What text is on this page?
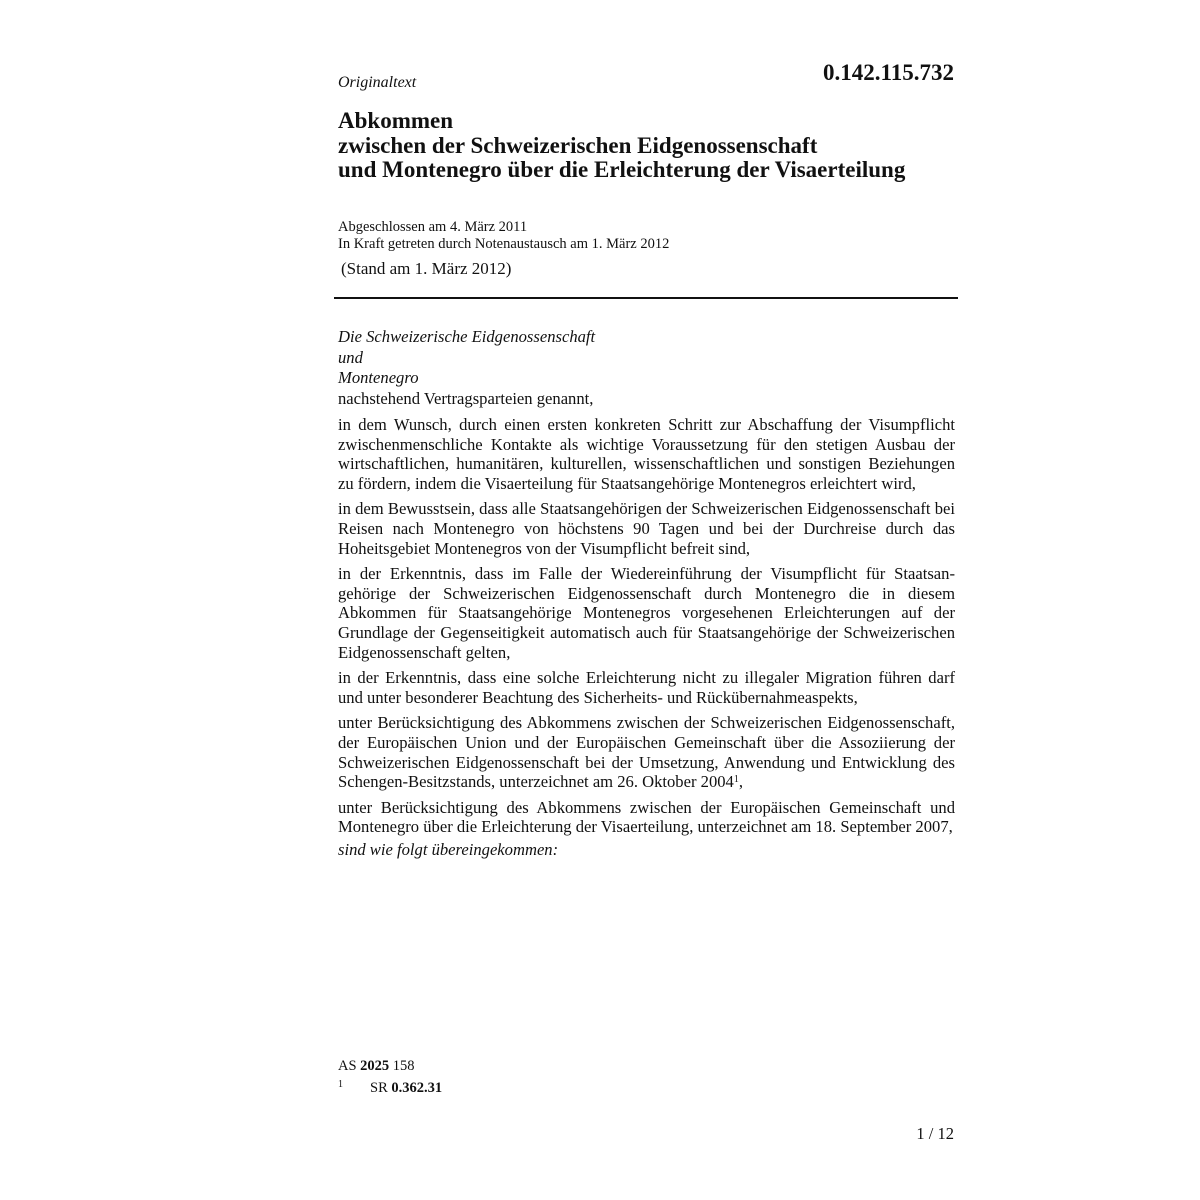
0.142.115.732
Originaltext
Abkommen
zwischen der Schweizerischen Eidgenossenschaft
und Montenegro über die Erleichterung der Visaerteilung
Abgeschlossen am 4. März 2011
In Kraft getreten durch Notenaustausch am 1. März 2012
(Stand am 1. März 2012)
Die Schweizerische Eidgenossenschaft
und
Montenegro
nachstehend Vertragsparteien genannt,
in dem Wunsch, durch einen ersten konkreten Schritt zur Abschaffung der Visumpflicht zwischenmenschliche Kontakte als wichtige Voraussetzung für den stetigen Ausbau der wirtschaftlichen, humanitären, kulturellen, wissenschaftlichen und sonstigen Beziehungen zu fördern, indem die Visaerteilung für Staatsangehörige Montenegros erleichtert wird,
in dem Bewusstsein, dass alle Staatsangehörigen der Schweizerischen Eidgenossenschaft bei Reisen nach Montenegro von höchstens 90 Tagen und bei der Durchreise durch das Hoheitsgebiet Montenegros von der Visumpflicht befreit sind,
in der Erkenntnis, dass im Falle der Wiedereinführung der Visumpflicht für Staatsangehörige der Schweizerischen Eidgenossenschaft durch Montenegro die in diesem Abkommen für Staatsangehörige Montenegros vorgesehenen Erleichterungen auf der Grundlage der Gegenseitigkeit automatisch auch für Staatsangehörige der Schweizerischen Eidgenossenschaft gelten,
in der Erkenntnis, dass eine solche Erleichterung nicht zu illegaler Migration führen darf und unter besonderer Beachtung des Sicherheits- und Rückübernahmeaspekts,
unter Berücksichtigung des Abkommens zwischen der Schweizerischen Eidgenossenschaft, der Europäischen Union und der Europäischen Gemeinschaft über die Assoziierung der Schweizerischen Eidgenossenschaft bei der Umsetzung, Anwendung und Entwicklung des Schengen-Besitzstands, unterzeichnet am 26. Oktober 2004$^1$,
unter Berücksichtigung des Abkommens zwischen der Europäischen Gemeinschaft und Montenegro über die Erleichterung der Visaerteilung, unterzeichnet am 18. September 2007,
sind wie folgt übereingekommen:
AS 2025 158
1 SR 0.362.31
1 / 12
